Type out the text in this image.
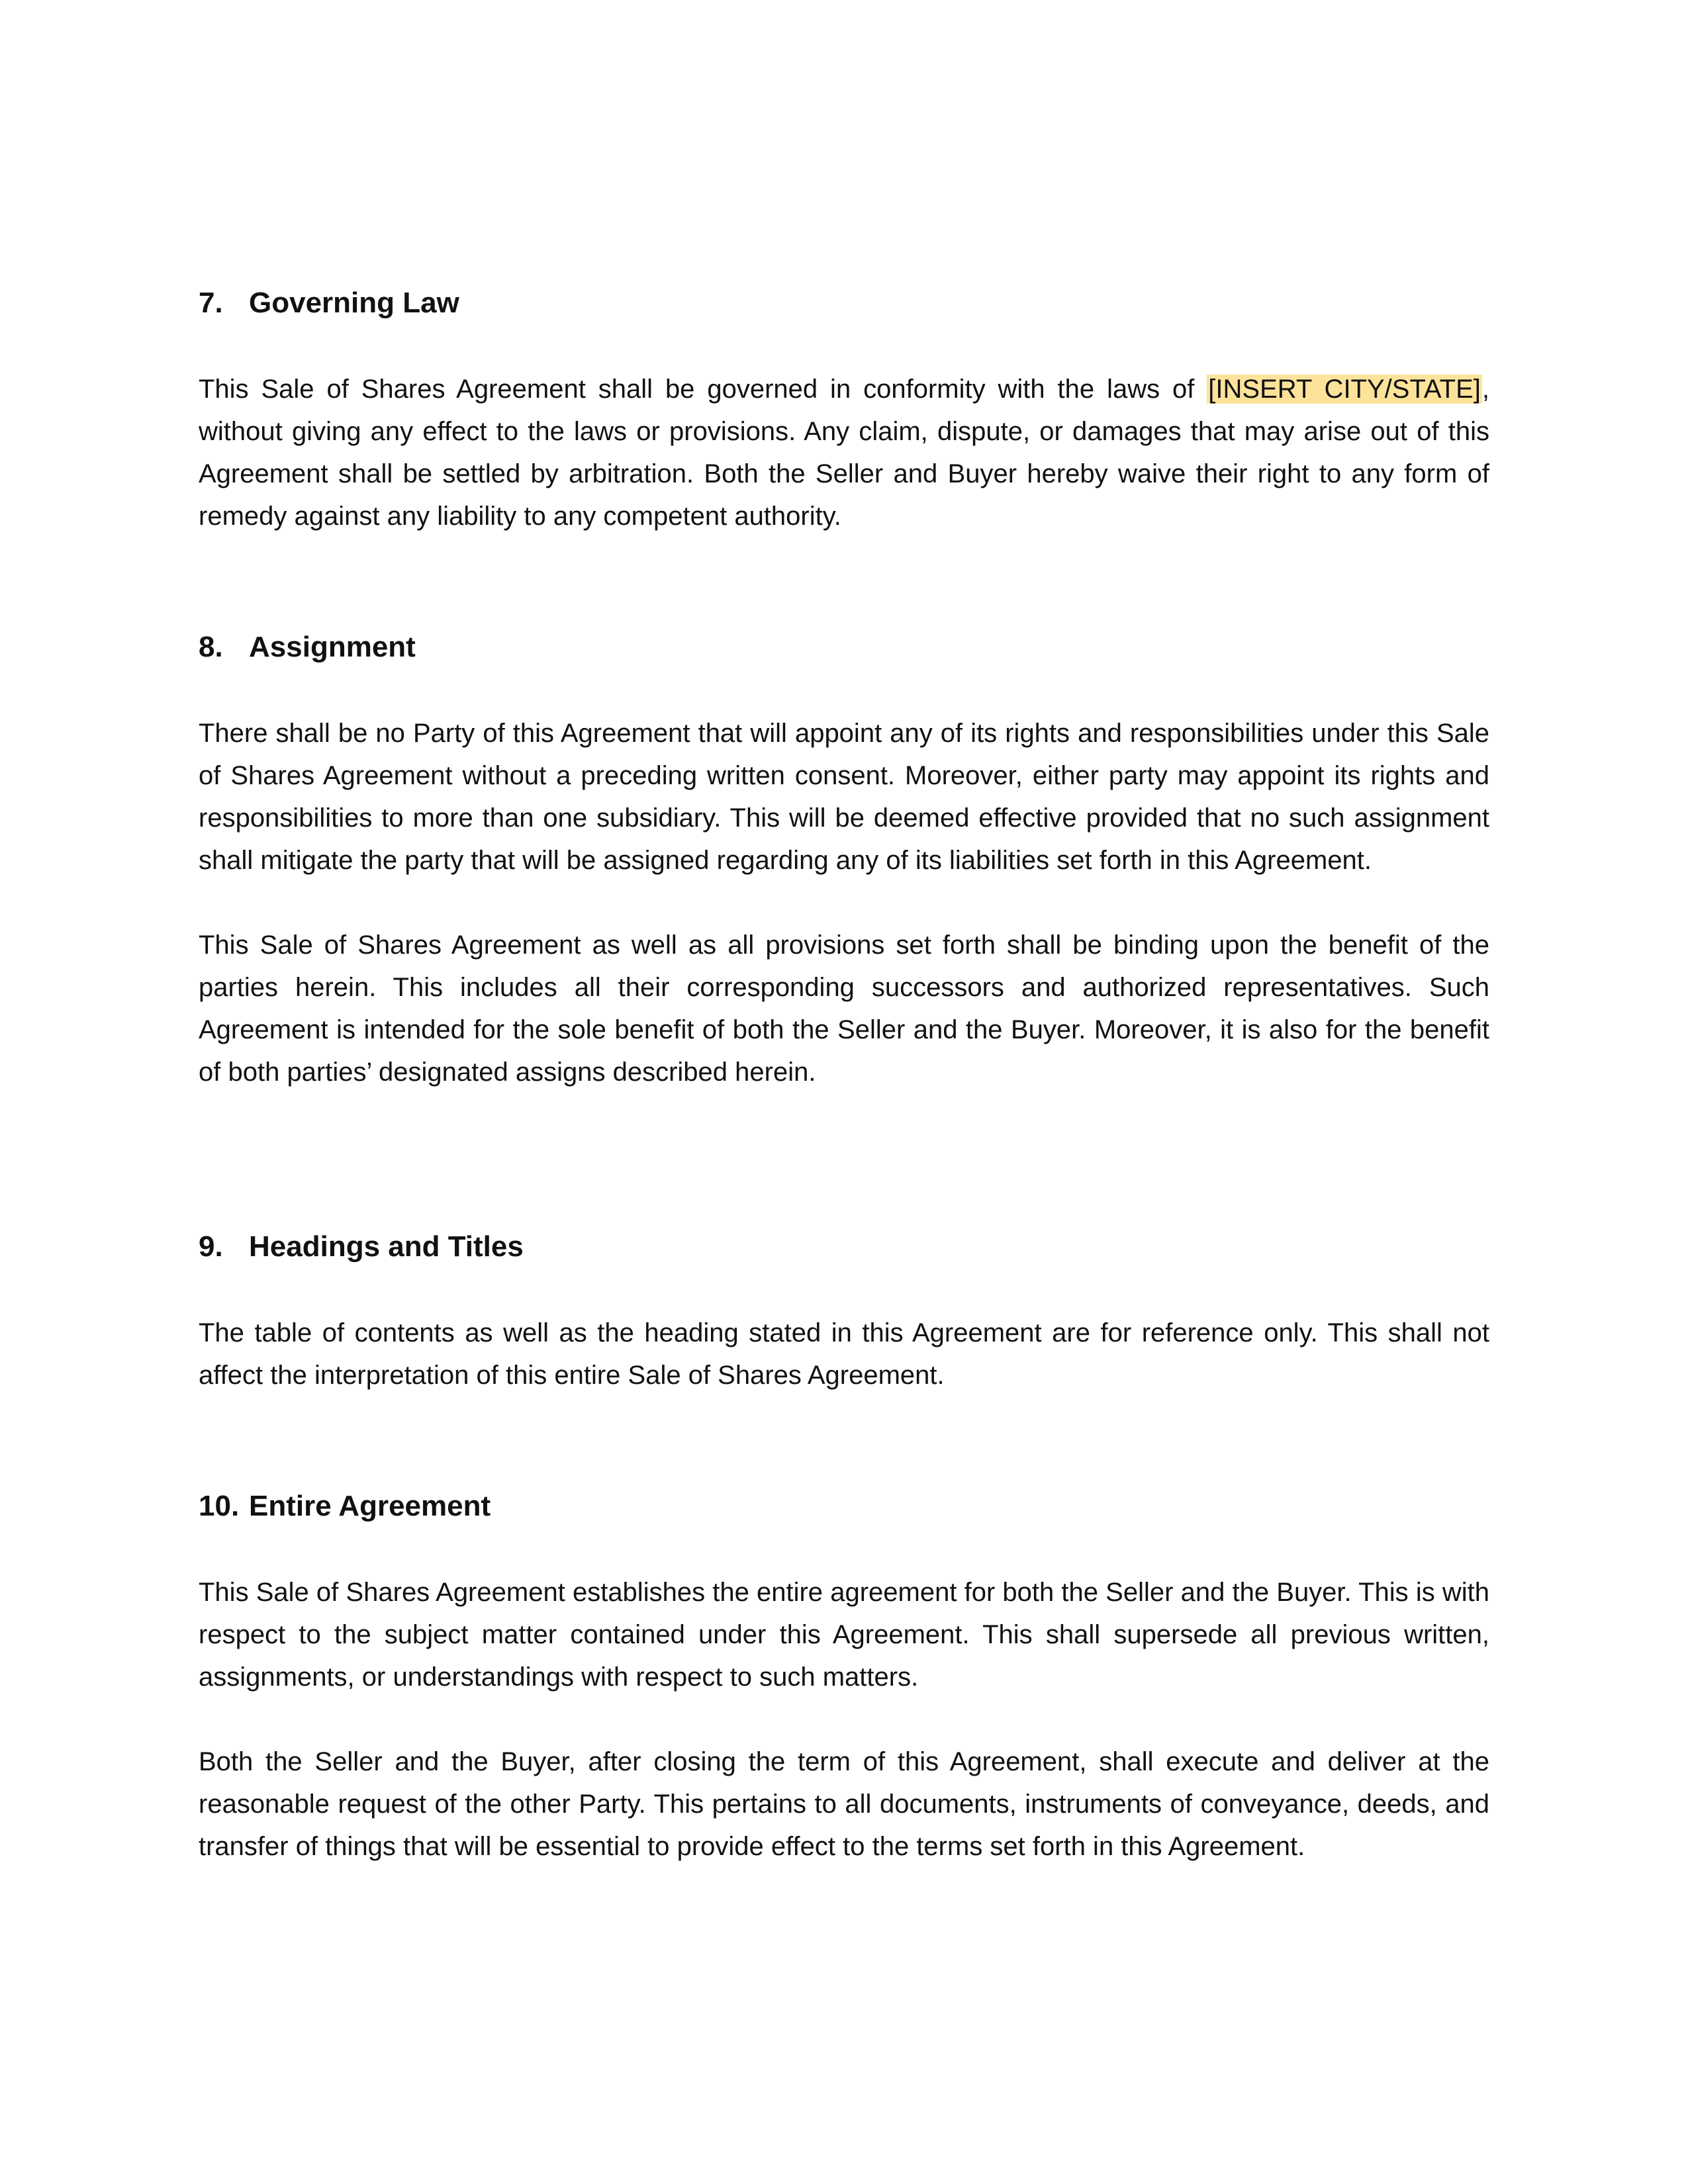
7. Governing Law

This Sale of Shares Agreement shall be governed in conformity with the laws of [INSERT CITY/STATE], without giving any effect to the laws or provisions. Any claim, dispute, or damages that may arise out of this Agreement shall be settled by arbitration. Both the Seller and Buyer hereby waive their right to any form of remedy against any liability to any competent authority.

8. Assignment

There shall be no Party of this Agreement that will appoint any of its rights and responsibilities under this Sale of Shares Agreement without a preceding written consent. Moreover, either party may appoint its rights and responsibilities to more than one subsidiary. This will be deemed effective provided that no such assignment shall mitigate the party that will be assigned regarding any of its liabilities set forth in this Agreement.

This Sale of Shares Agreement as well as all provisions set forth shall be binding upon the benefit of the parties herein. This includes all their corresponding successors and authorized representatives. Such Agreement is intended for the sole benefit of both the Seller and the Buyer. Moreover, it is also for the benefit of both parties’ designated assigns described herein.

9. Headings and Titles

The table of contents as well as the heading stated in this Agreement are for reference only. This shall not affect the interpretation of this entire Sale of Shares Agreement.

10. Entire Agreement

This Sale of Shares Agreement establishes the entire agreement for both the Seller and the Buyer. This is with respect to the subject matter contained under this Agreement. This shall supersede all previous written, assignments, or understandings with respect to such matters.

Both the Seller and the Buyer, after closing the term of this Agreement, shall execute and deliver at the reasonable request of the other Party. This pertains to all documents, instruments of conveyance, deeds, and transfer of things that will be essential to provide effect to the terms set forth in this Agreement.
